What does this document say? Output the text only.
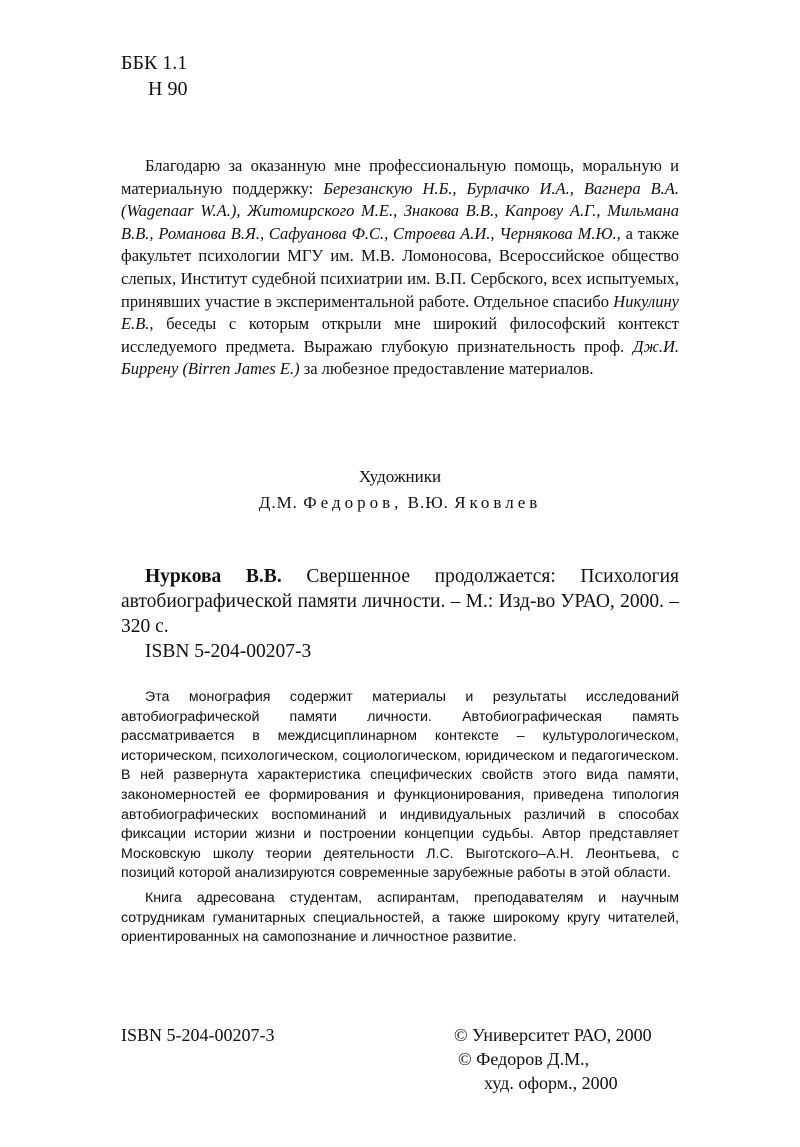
ББК 1.1
Н 90

Благодарю за оказанную мне профессиональную помощь, моральную и материальную поддержку: Березанскую Н.Б., Бурлачко И.А., Вагнера В.А. (Wagenaar W.A.), Житомирского М.Е., Знакова В.В., Капрову А.Г., Мильмана В.В., Романова В.Я., Сафуанова Ф.С., Строева А.И., Чернякова М.Ю., а также факультет психологии МГУ им. М.В. Ломоносова, Всероссийское общество слепых, Институт судебной психиатрии им. В.П. Сербского, всех испытуемых, принявших участие в экспериментальной работе. Отдельное спасибо Никулину Е.В., беседы с которым открыли мне широкий философский контекст исследуемого предмета. Выражаю глубокую признательность проф. Дж.И. Биррену (Birren James E.) за любезное предоставление материалов.

Художники
Д.М. Федоров, В.Ю. Яковлев

Нуркова В.В. Свершенное продолжается: Психология автобиографической памяти личности. – М.: Изд-во УРАО, 2000. – 320 с.

ISBN 5-204-00207-3

Эта монография содержит материалы и результаты исследований автобиографической памяти личности. Автобиографическая память рассматривается в междисциплинарном контексте – культурологическом, историческом, психологическом, социологическом, юридическом и педагогическом. В ней развернута характеристика специфических свойств этого вида памяти, закономерностей ее формирования и функционирования, приведена типология автобиографических воспоминаний и индивидуальных различий в способах фиксации истории жизни и построении концепции судьбы. Автор представляет Московскую школу теории деятельности Л.С. Выготского–А.Н. Леонтьева, с позиций которой анализируются современные зарубежные работы в этой области.

Книга адресована студентам, аспирантам, преподавателям и научным сотрудникам гуманитарных специальностей, а также широкому кругу читателей, ориентированных на самопознание и личностное развитие.

ISBN 5-204-00207-3	© Университет РАО, 2000
© Федоров Д.М.,
худ. оформ., 2000
